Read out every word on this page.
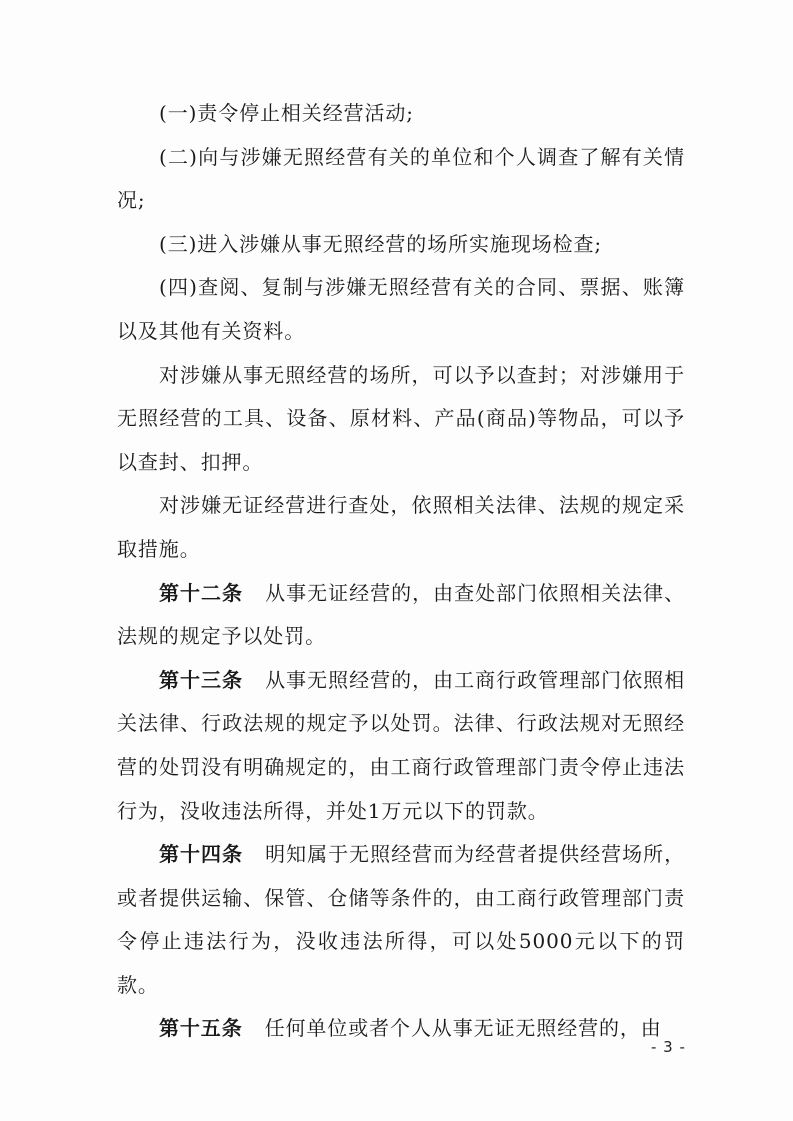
(一)责令停止相关经营活动;

(二)向与涉嫌无照经营有关的单位和个人调查了解有关情况;

(三)进入涉嫌从事无照经营的场所实施现场检查;

(四)查阅、复制与涉嫌无照经营有关的合同、票据、账簿以及其他有关资料。

对涉嫌从事无照经营的场所，可以予以查封；对涉嫌用于无照经营的工具、设备、原材料、产品(商品)等物品，可以予以查封、扣押。

对涉嫌无证经营进行查处，依照相关法律、法规的规定采取措施。

第十二条 从事无证经营的，由查处部门依照相关法律、法规的规定予以处罚。

第十三条 从事无照经营的，由工商行政管理部门依照相关法律、行政法规的规定予以处罚。法律、行政法规对无照经营的处罚没有明确规定的，由工商行政管理部门责令停止违法行为，没收违法所得，并处1万元以下的罚款。

第十四条 明知属于无照经营而为经营者提供经营场所，或者提供运输、保管、仓储等条件的，由工商行政管理部门责令停止违法行为，没收违法所得，可以处5000元以下的罚款。

第十五条 任何单位或者个人从事无证无照经营的，由

- 3 -
